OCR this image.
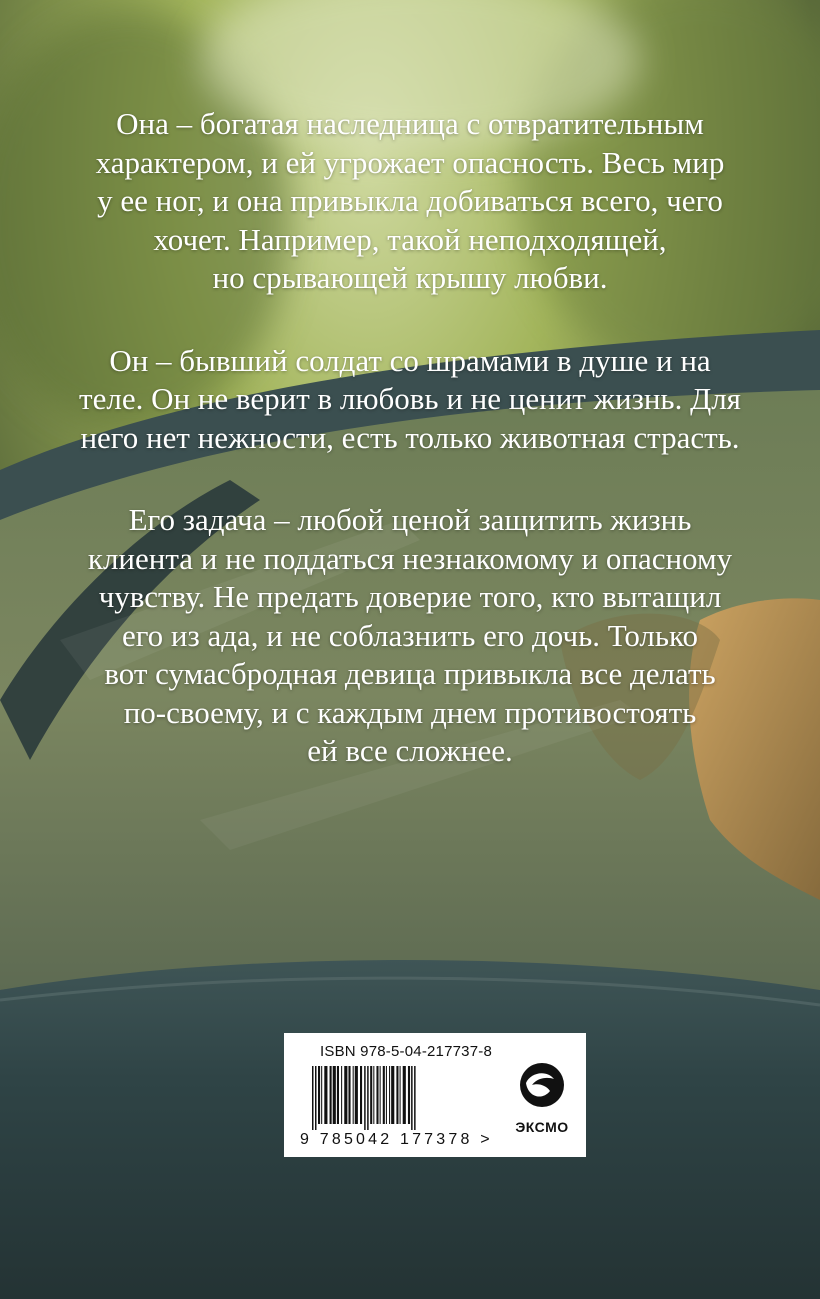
Она – богатая наследница с отвратительным
характером, и ей угрожает опасность. Весь мир
у ее ног, и она привыкла добиваться всего, чего
хочет. Например, такой неподходящей,
но срывающей крышу любви.

Он – бывший солдат со шрамами в душе и на
теле. Он не верит в любовь и не ценит жизнь. Для
него нет нежности, есть только животная страсть.

Его задача – любой ценой защитить жизнь
клиента и не поддаться незнакомому и опасному
чувству. Не предать доверие того, кто вытащил
его из ада, и не соблазнить его дочь. Только
вот сумасбродная девица привыкла все делать
по-своему, и с каждым днем противостоять
ей все сложнее.

ISBN 978-5-04-217737-8
9 785042 177378 >
ЭКСМО
